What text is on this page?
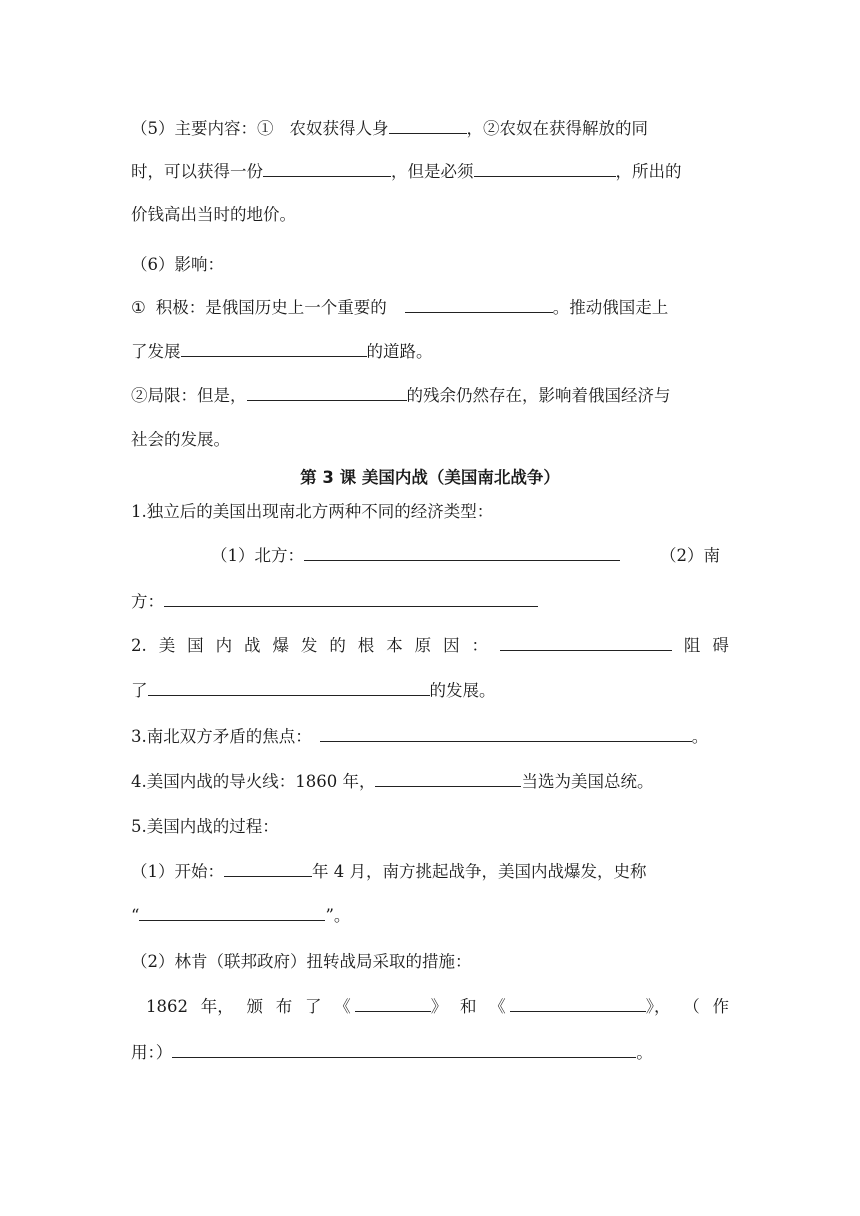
（5）主要内容：① 农奴获得人身	，②农奴在获得解放的同
时，可以获得一份	，但是必须	，所出的
价钱高出当时的地价。
（6）影响：
① 积极：是俄国历史上一个重要的	。推动俄国走上
了发展	的道路。
②局限：但是，	的残余仍然存在，影响着俄国经济与
社会的发展。
第 3 课 美国内战（美国南北战争）
1.独立后的美国出现南北方两种不同的经济类型：
（1）北方：	（2）南
方：
2. 美 国 内 战 爆 发 的 根 本 原 因 ：	阻 碍
了	的发展。
3.南北双方矛盾的焦点：	。
4.美国内战的导火线：1860 年，	当选为美国总统。
5.美国内战的过程：
（1）开始：	年 4 月，南方挑起战争，美国内战爆发，史称
“	”。
（2）林肯（联邦政府）扭转战局采取的措施：
1862 年， 颁 布 了 《	》 和 《	》， （ 作
用：）	。
